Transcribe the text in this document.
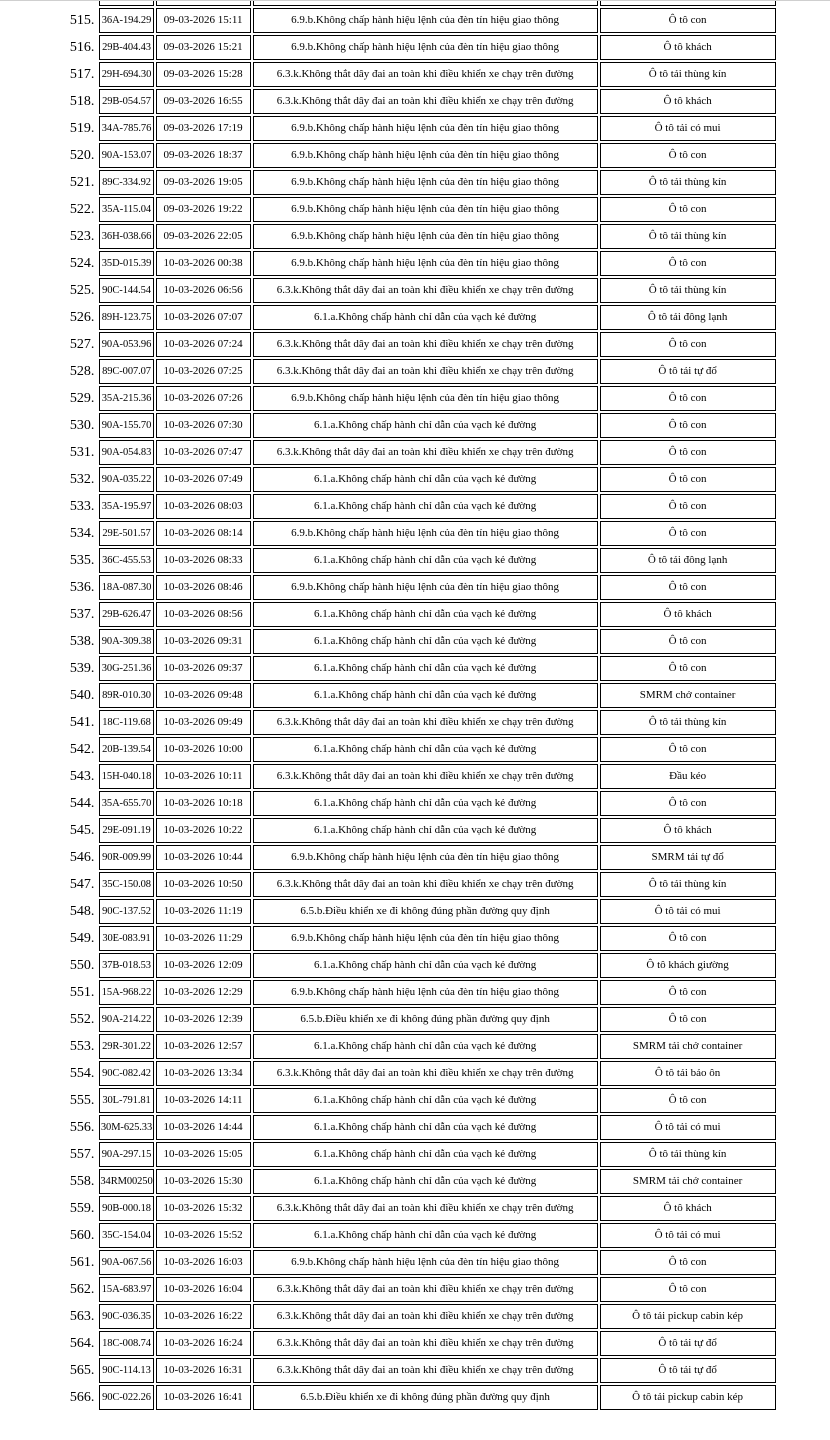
515.	36A-194.29	09-03-2026 15:11	6.9.b.Không chấp hành hiệu lệnh của đèn tín hiệu giao thông	Ô tô con
516.	29B-404.43	09-03-2026 15:21	6.9.b.Không chấp hành hiệu lệnh của đèn tín hiệu giao thông	Ô tô khách
517.	29H-694.30	09-03-2026 15:28	6.3.k.Không thắt dây đai an toàn khi điều khiển xe chạy trên đường	Ô tô tải thùng kín
518.	29B-054.57	09-03-2026 16:55	6.3.k.Không thắt dây đai an toàn khi điều khiển xe chạy trên đường	Ô tô khách
519.	34A-785.76	09-03-2026 17:19	6.9.b.Không chấp hành hiệu lệnh của đèn tín hiệu giao thông	Ô tô tải có mui
520.	90A-153.07	09-03-2026 18:37	6.9.b.Không chấp hành hiệu lệnh của đèn tín hiệu giao thông	Ô tô con
521.	89C-334.92	09-03-2026 19:05	6.9.b.Không chấp hành hiệu lệnh của đèn tín hiệu giao thông	Ô tô tải thùng kín
522.	35A-115.04	09-03-2026 19:22	6.9.b.Không chấp hành hiệu lệnh của đèn tín hiệu giao thông	Ô tô con
523.	36H-038.66	09-03-2026 22:05	6.9.b.Không chấp hành hiệu lệnh của đèn tín hiệu giao thông	Ô tô tải thùng kín
524.	35D-015.39	10-03-2026 00:38	6.9.b.Không chấp hành hiệu lệnh của đèn tín hiệu giao thông	Ô tô con
525.	90C-144.54	10-03-2026 06:56	6.3.k.Không thắt dây đai an toàn khi điều khiển xe chạy trên đường	Ô tô tải thùng kín
526.	89H-123.75	10-03-2026 07:07	6.1.a.Không chấp hành chỉ dẫn của vạch kẻ đường	Ô tô tải đông lạnh
527.	90A-053.96	10-03-2026 07:24	6.3.k.Không thắt dây đai an toàn khi điều khiển xe chạy trên đường	Ô tô con
528.	89C-007.07	10-03-2026 07:25	6.3.k.Không thắt dây đai an toàn khi điều khiển xe chạy trên đường	Ô tô tải tự đổ
529.	35A-215.36	10-03-2026 07:26	6.9.b.Không chấp hành hiệu lệnh của đèn tín hiệu giao thông	Ô tô con
530.	90A-155.70	10-03-2026 07:30	6.1.a.Không chấp hành chỉ dẫn của vạch kẻ đường	Ô tô con
531.	90A-054.83	10-03-2026 07:47	6.3.k.Không thắt dây đai an toàn khi điều khiển xe chạy trên đường	Ô tô con
532.	90A-035.22	10-03-2026 07:49	6.1.a.Không chấp hành chỉ dẫn của vạch kẻ đường	Ô tô con
533.	35A-195.97	10-03-2026 08:03	6.1.a.Không chấp hành chỉ dẫn của vạch kẻ đường	Ô tô con
534.	29E-501.57	10-03-2026 08:14	6.9.b.Không chấp hành hiệu lệnh của đèn tín hiệu giao thông	Ô tô con
535.	36C-455.53	10-03-2026 08:33	6.1.a.Không chấp hành chỉ dẫn của vạch kẻ đường	Ô tô tải đông lạnh
536.	18A-087.30	10-03-2026 08:46	6.9.b.Không chấp hành hiệu lệnh của đèn tín hiệu giao thông	Ô tô con
537.	29B-626.47	10-03-2026 08:56	6.1.a.Không chấp hành chỉ dẫn của vạch kẻ đường	Ô tô khách
538.	90A-309.38	10-03-2026 09:31	6.1.a.Không chấp hành chỉ dẫn của vạch kẻ đường	Ô tô con
539.	30G-251.36	10-03-2026 09:37	6.1.a.Không chấp hành chỉ dẫn của vạch kẻ đường	Ô tô con
540.	89R-010.30	10-03-2026 09:48	6.1.a.Không chấp hành chỉ dẫn của vạch kẻ đường	SMRM chở container
541.	18C-119.68	10-03-2026 09:49	6.3.k.Không thắt dây đai an toàn khi điều khiển xe chạy trên đường	Ô tô tải thùng kín
542.	20B-139.54	10-03-2026 10:00	6.1.a.Không chấp hành chỉ dẫn của vạch kẻ đường	Ô tô con
543.	15H-040.18	10-03-2026 10:11	6.3.k.Không thắt dây đai an toàn khi điều khiển xe chạy trên đường	Đầu kéo
544.	35A-655.70	10-03-2026 10:18	6.1.a.Không chấp hành chỉ dẫn của vạch kẻ đường	Ô tô con
545.	29E-091.19	10-03-2026 10:22	6.1.a.Không chấp hành chỉ dẫn của vạch kẻ đường	Ô tô khách
546.	90R-009.99	10-03-2026 10:44	6.9.b.Không chấp hành hiệu lệnh của đèn tín hiệu giao thông	SMRM tải tự đổ
547.	35C-150.08	10-03-2026 10:50	6.3.k.Không thắt dây đai an toàn khi điều khiển xe chạy trên đường	Ô tô tải thùng kín
548.	90C-137.52	10-03-2026 11:19	6.5.b.Điều khiển xe đi không đúng phần đường quy định	Ô tô tải có mui
549.	30E-083.91	10-03-2026 11:29	6.9.b.Không chấp hành hiệu lệnh của đèn tín hiệu giao thông	Ô tô con
550.	37B-018.53	10-03-2026 12:09	6.1.a.Không chấp hành chỉ dẫn của vạch kẻ đường	Ô tô khách giường
551.	15A-968.22	10-03-2026 12:29	6.9.b.Không chấp hành hiệu lệnh của đèn tín hiệu giao thông	Ô tô con
552.	90A-214.22	10-03-2026 12:39	6.5.b.Điều khiển xe đi không đúng phần đường quy định	Ô tô con
553.	29R-301.22	10-03-2026 12:57	6.1.a.Không chấp hành chỉ dẫn của vạch kẻ đường	SMRM tải chở container
554.	90C-082.42	10-03-2026 13:34	6.3.k.Không thắt dây đai an toàn khi điều khiển xe chạy trên đường	Ô tô tải bảo ôn
555.	30L-791.81	10-03-2026 14:11	6.1.a.Không chấp hành chỉ dẫn của vạch kẻ đường	Ô tô con
556.	30M-625.33	10-03-2026 14:44	6.1.a.Không chấp hành chỉ dẫn của vạch kẻ đường	Ô tô tải có mui
557.	90A-297.15	10-03-2026 15:05	6.1.a.Không chấp hành chỉ dẫn của vạch kẻ đường	Ô tô tải thùng kín
558.	34RM00250	10-03-2026 15:30	6.1.a.Không chấp hành chỉ dẫn của vạch kẻ đường	SMRM tải chở container
559.	90B-000.18	10-03-2026 15:32	6.3.k.Không thắt dây đai an toàn khi điều khiển xe chạy trên đường	Ô tô khách
560.	35C-154.04	10-03-2026 15:52	6.1.a.Không chấp hành chỉ dẫn của vạch kẻ đường	Ô tô tải có mui
561.	90A-067.56	10-03-2026 16:03	6.9.b.Không chấp hành hiệu lệnh của đèn tín hiệu giao thông	Ô tô con
562.	15A-683.97	10-03-2026 16:04	6.3.k.Không thắt dây đai an toàn khi điều khiển xe chạy trên đường	Ô tô con
563.	90C-036.35	10-03-2026 16:22	6.3.k.Không thắt dây đai an toàn khi điều khiển xe chạy trên đường	Ô tô tải pickup cabin kép
564.	18C-008.74	10-03-2026 16:24	6.3.k.Không thắt dây đai an toàn khi điều khiển xe chạy trên đường	Ô tô tải tự đổ
565.	90C-114.13	10-03-2026 16:31	6.3.k.Không thắt dây đai an toàn khi điều khiển xe chạy trên đường	Ô tô tải tự đổ
566.	90C-022.26	10-03-2026 16:41	6.5.b.Điều khiển xe đi không đúng phần đường quy định	Ô tô tải pickup cabin kép
